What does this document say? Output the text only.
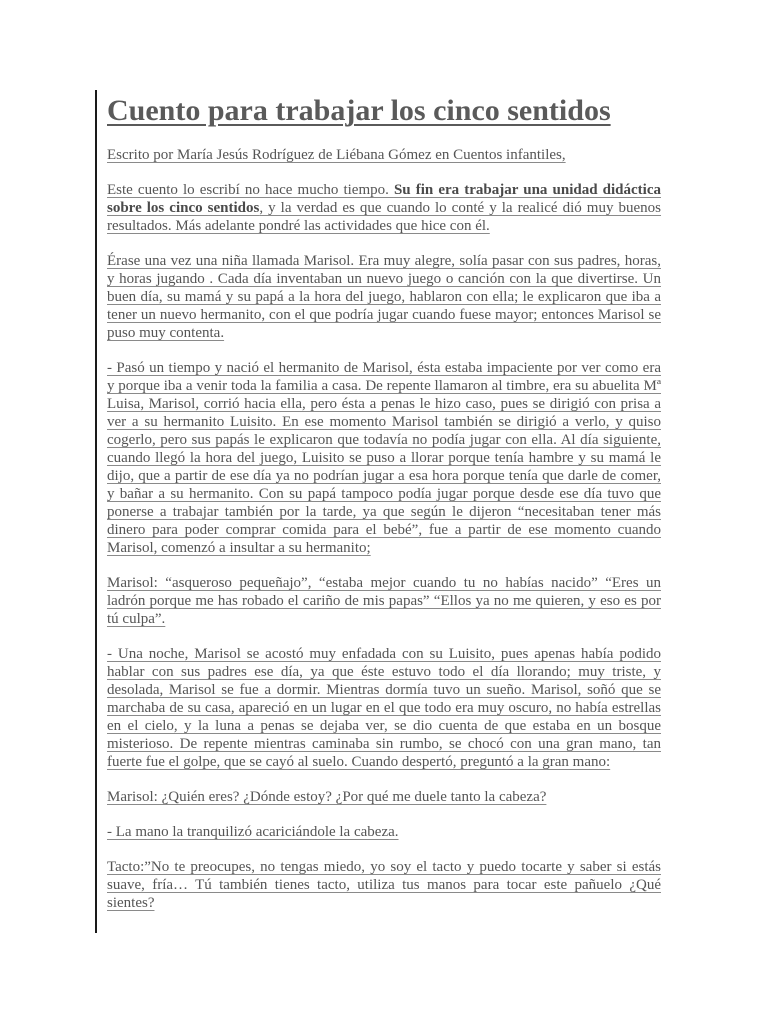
Cuento para trabajar los cinco sentidos

Escrito por María Jesús Rodríguez de Liébana Gómez en Cuentos infantiles,

Este cuento lo escribí no hace mucho tiempo. Su fin era trabajar una unidad didáctica sobre los cinco sentidos, y la verdad es que cuando lo conté y la realicé dió muy buenos resultados. Más adelante pondré las actividades que hice con él.

Érase una vez una niña llamada Marisol. Era muy alegre, solía pasar con sus padres, horas, y horas jugando . Cada día inventaban un nuevo juego o canción con la que divertirse. Un buen día, su mamá y su papá a la hora del juego, hablaron con ella; le explicaron que iba a tener un nuevo hermanito, con el que podría jugar cuando fuese mayor; entonces Marisol se puso muy contenta.

- Pasó un tiempo y nació el hermanito de Marisol, ésta estaba impaciente por ver como era y porque iba a venir toda la familia a casa. De repente llamaron al timbre, era su abuelita Mª Luisa, Marisol, corrió hacia ella, pero ésta a penas le hizo caso, pues se dirigió con prisa a ver a su hermanito Luisito. En ese momento Marisol también se dirigió a verlo, y quiso cogerlo, pero sus papás le explicaron que todavía no podía jugar con ella. Al día siguiente, cuando llegó la hora del juego, Luisito se puso a llorar porque tenía hambre y su mamá le dijo, que a partir de ese día ya no podrían jugar a esa hora porque tenía que darle de comer, y bañar a su hermanito. Con su papá tampoco podía jugar porque desde ese día tuvo que ponerse a trabajar también por la tarde, ya que según le dijeron “necesitaban tener más dinero para poder comprar comida para el bebé”, fue a partir de ese momento cuando Marisol, comenzó a insultar a su hermanito;

Marisol: “asqueroso pequeñajo”, “estaba mejor cuando tu no habías nacido” “Eres un ladrón porque me has robado el cariño de mis papas” “Ellos ya no me quieren, y eso es por tú culpa”.

- Una noche, Marisol se acostó muy enfadada con su Luisito, pues apenas había podido hablar con sus padres ese día, ya que éste estuvo todo el día llorando; muy triste, y desolada, Marisol se fue a dormir. Mientras dormía tuvo un sueño. Marisol, soñó que se marchaba de su casa, apareció en un lugar en el que todo era muy oscuro, no había estrellas en el cielo, y la luna a penas se dejaba ver, se dio cuenta de que estaba en un bosque misterioso. De repente mientras caminaba sin rumbo, se chocó con una gran mano, tan fuerte fue el golpe, que se cayó al suelo. Cuando despertó, preguntó a la gran mano:

Marisol: ¿Quién eres? ¿Dónde estoy? ¿Por qué me duele tanto la cabeza?

- La mano la tranquilizó acariciándole la cabeza.

Tacto:”No te preocupes, no tengas miedo, yo soy el tacto y puedo tocarte y saber si estás suave, fría… Tú también tienes tacto, utiliza tus manos para tocar este pañuelo ¿Qué sientes?
